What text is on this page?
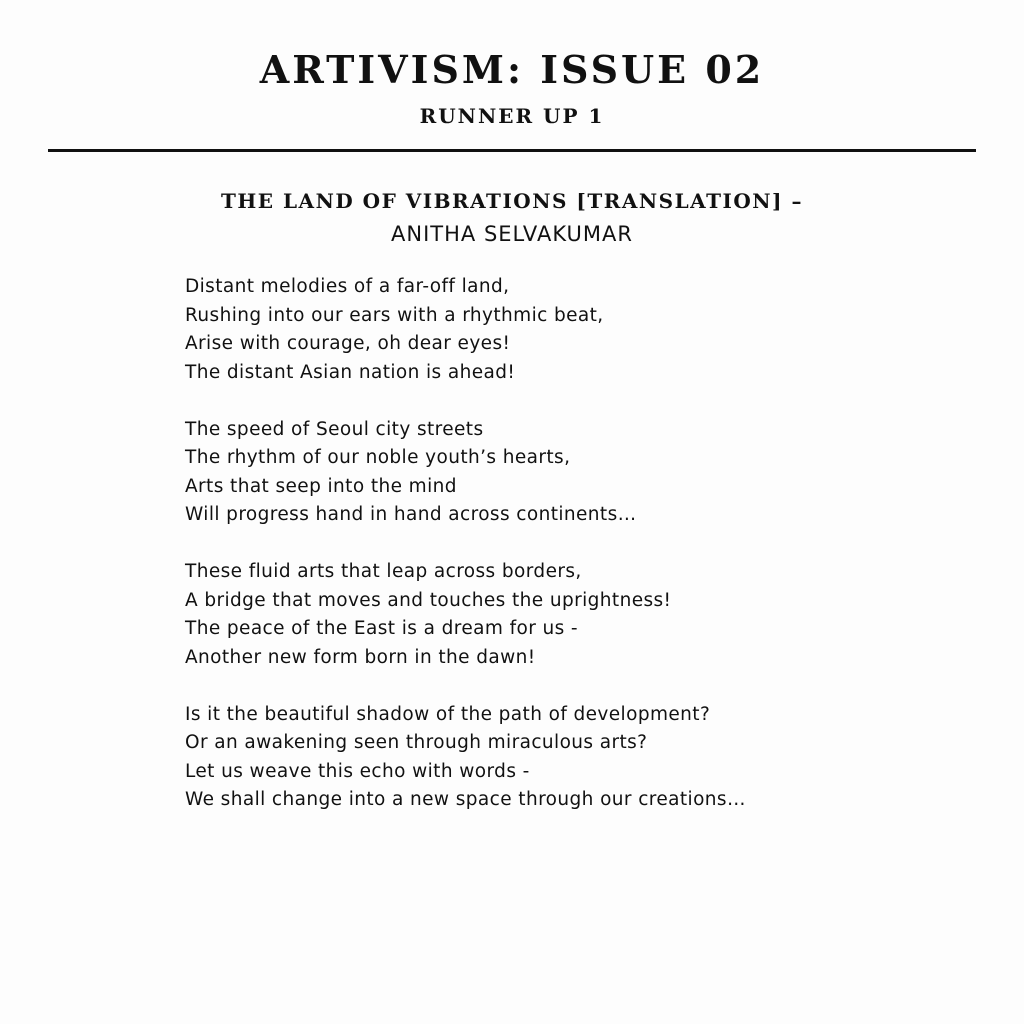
ARTIVISM: ISSUE 02
RUNNER UP 1
THE LAND OF VIBRATIONS [TRANSLATION] –
ANITHA SELVAKUMAR
Distant melodies of a far-off land,
Rushing into our ears with a rhythmic beat,
Arise with courage, oh dear eyes!
The distant Asian nation is ahead!
The speed of Seoul city streets
The rhythm of our noble youth’s hearts,
Arts that seep into the mind
Will progress hand in hand across continents…
These fluid arts that leap across borders,
A bridge that moves and touches the uprightness!
The peace of the East is a dream for us -
Another new form born in the dawn!
Is it the beautiful shadow of the path of development?
Or an awakening seen through miraculous arts?
Let us weave this echo with words -
We shall change into a new space through our creations…
